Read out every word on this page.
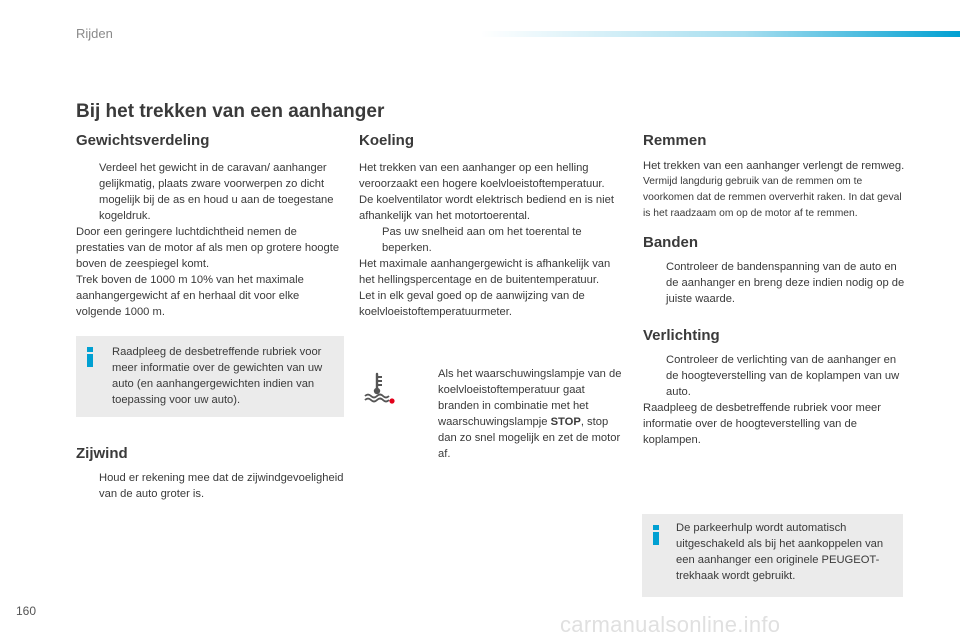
Rijden
Bij het trekken van een aanhanger
Gewichtsverdeling
Verdeel het gewicht in de caravan/ aanhanger gelijkmatig, plaats zware voorwerpen zo dicht mogelijk bij de as en houd u aan de toegestane kogeldruk.

Door een geringere luchtdichtheid nemen de prestaties van de motor af als men op grotere hoogte boven de zeespiegel komt.

Trek boven de 1000 m 10% van het maximale aanhangergewicht af en herhaal dit voor elke volgende 1000 m.

Raadpleeg de desbetreffende rubriek voor meer informatie over de gewichten van uw auto (en aanhangergewichten indien van toepassing voor uw auto).
Zijwind
Houd er rekening mee dat de zijwindgevoeligheid van de auto groter is.
Koeling

Het trekken van een aanhanger op een helling veroorzaakt een hogere koelvloeistoftemperatuur.

De koelventilator wordt elektrisch bediend en is niet afhankelijk van het motortoerental.

Pas uw snelheid aan om het toerental te beperken.

Het maximale aanhangergewicht is afhankelijk van het hellingspercentage en de buitentemperatuur.

Let in elk geval goed op de aanwijzing van de koelvloeistoftemperatuurmeter.

Als het waarschuwingslampje van de koelvloeistoftemperatuur gaat branden in combinatie met het waarschuwingslampje STOP, stop dan zo snel mogelijk en zet de motor af.
Remmen

Het trekken van een aanhanger verlengt de remweg.

Vermijd langdurig gebruik van de remmen om te voorkomen dat de remmen oververhit raken. In dat geval is het raadzaam om op de motor af te remmen.

Banden
Controleer de bandenspanning van de auto en de aanhanger en breng deze indien nodig op de juiste waarde.
Verlichting
Controleer de verlichting van de aanhanger en de hoogteverstelling van de koplampen van uw auto.

Raadpleeg de desbetreffende rubriek voor meer informatie over de hoogteverstelling van de koplampen.

De parkeerhulp wordt automatisch uitgeschakeld als bij het aankoppelen van een aanhanger een originele PEUGEOT-trekhaak wordt gebruikt.
160
carmanualsonline.info
